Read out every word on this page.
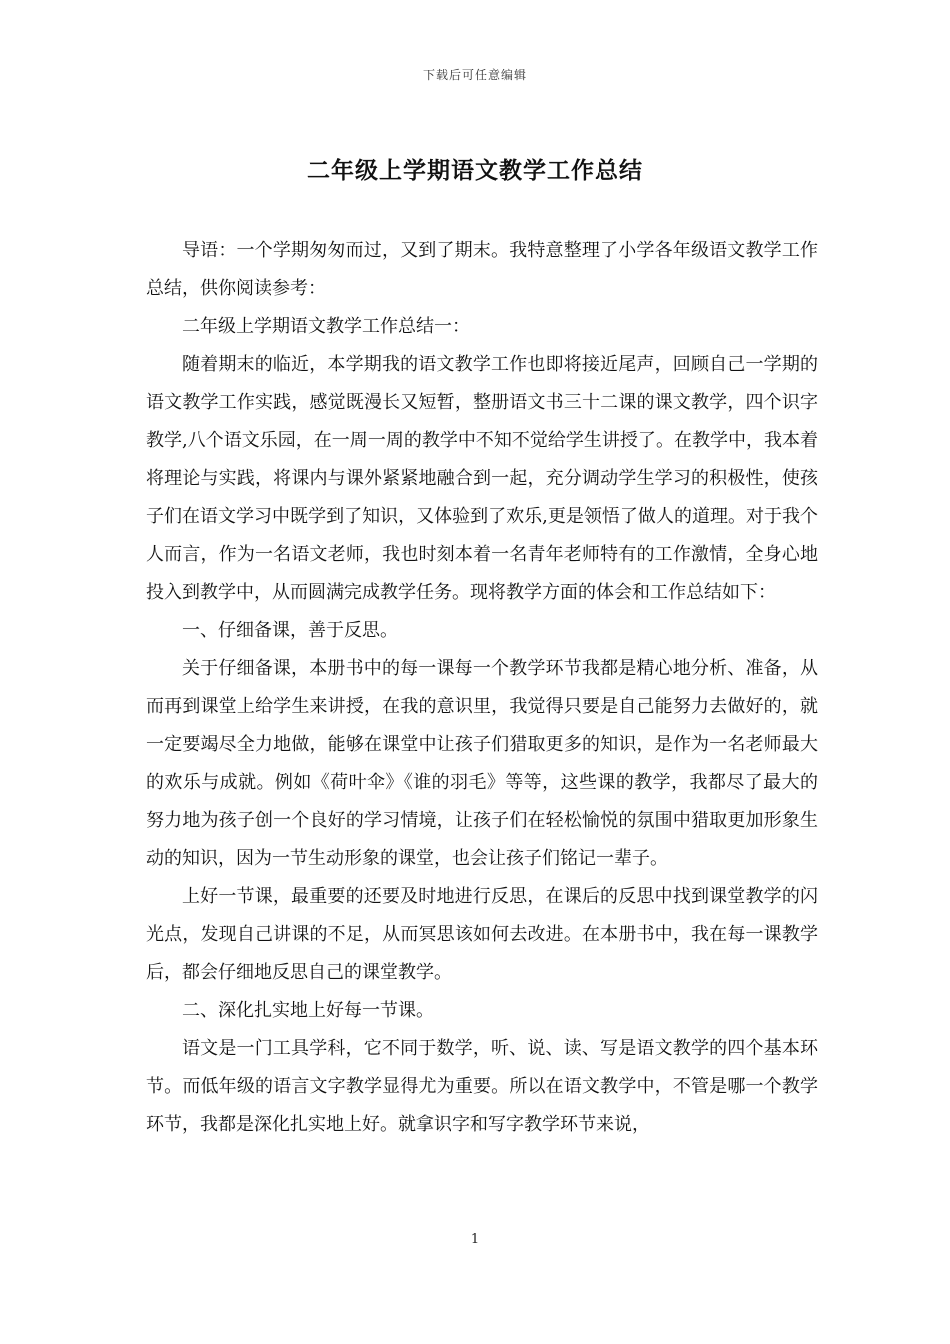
下载后可任意编辑
二年级上学期语文教学工作总结

导语：一个学期匆匆而过，又到了期末。我特意整理了小学各年级语文教学工作总结，供你阅读参考：

二年级上学期语文教学工作总结一：

随着期末的临近，本学期我的语文教学工作也即将接近尾声，回顾自己一学期的语文教学工作实践，感觉既漫长又短暂，整册语文书三十二课的课文教学，四个识字教学,八个语文乐园，在一周一周的教学中不知不觉给学生讲授了。在教学中，我本着将理论与实践，将课内与课外紧紧地融合到一起，充分调动学生学习的积极性，使孩子们在语文学习中既学到了知识，又体验到了欢乐,更是领悟了做人的道理。对于我个人而言，作为一名语文老师，我也时刻本着一名青年老师特有的工作激情，全身心地投入到教学中，从而圆满完成教学任务。现将教学方面的体会和工作总结如下：

一、仔细备课，善于反思。

关于仔细备课，本册书中的每一课每一个教学环节我都是精心地分析、准备，从而再到课堂上给学生来讲授，在我的意识里，我觉得只要是自己能努力去做好的，就一定要竭尽全力地做，能够在课堂中让孩子们猎取更多的知识，是作为一名老师最大的欢乐与成就。例如《荷叶伞》《谁的羽毛》等等，这些课的教学，我都尽了最大的努力地为孩子创一个良好的学习情境，让孩子们在轻松愉悦的氛围中猎取更加形象生动的知识，因为一节生动形象的课堂，也会让孩子们铭记一辈子。

上好一节课，最重要的还要及时地进行反思，在课后的反思中找到课堂教学的闪光点，发现自己讲课的不足，从而冥思该如何去改进。在本册书中，我在每一课教学后，都会仔细地反思自己的课堂教学。

二、深化扎实地上好每一节课。

语文是一门工具学科，它不同于数学，听、说、读、写是语文教学的四个基本环节。而低年级的语言文字教学显得尤为重要。所以在语文教学中，不管是哪一个教学环节，我都是深化扎实地上好。就拿识字和写字教学环节来说，

1
